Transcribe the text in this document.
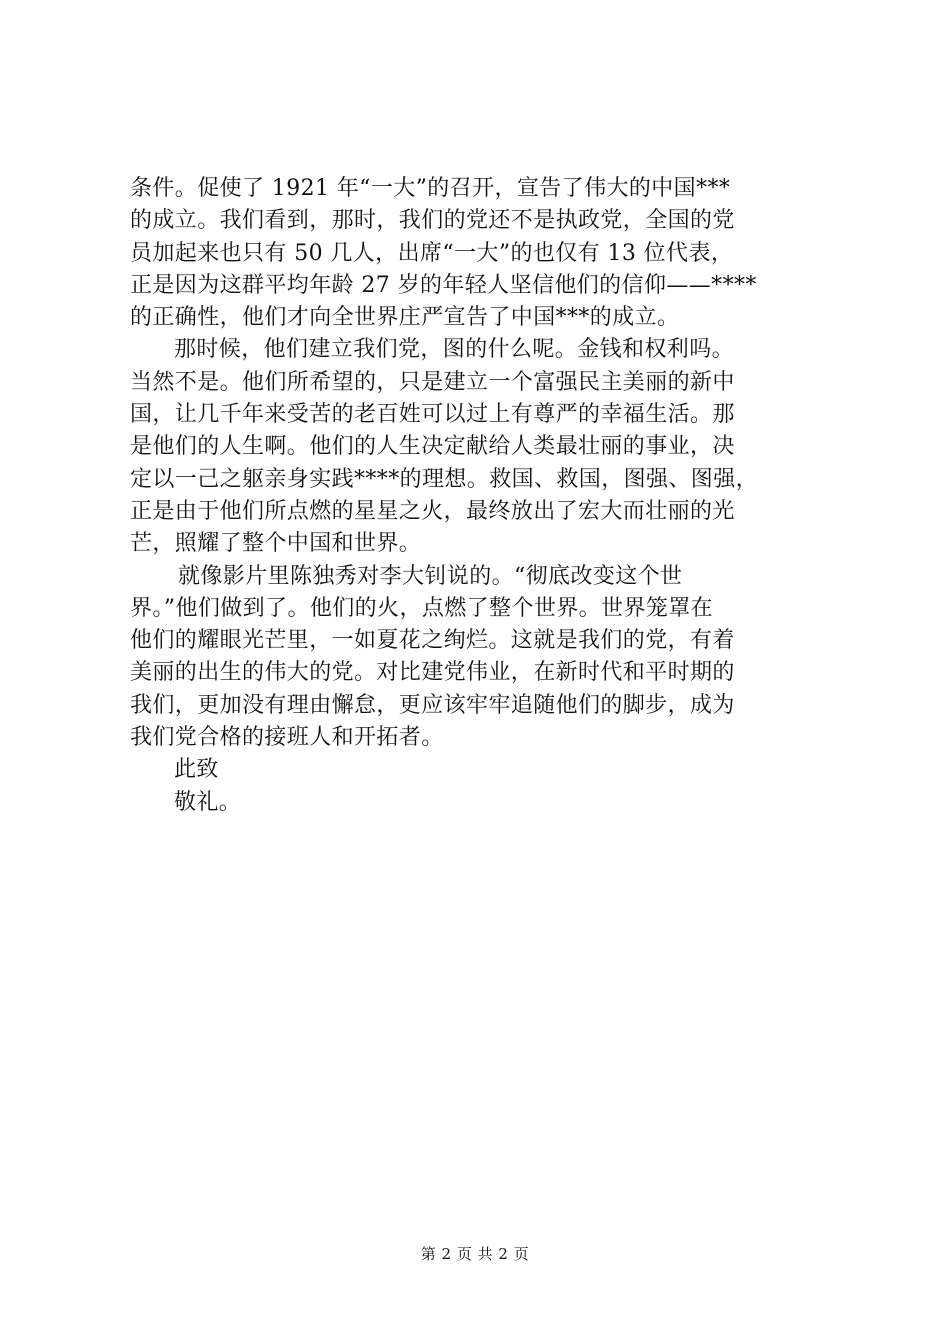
条件。促使了 1921 年“一大”的召开，宣告了伟大的中国***
的成立。我们看到，那时，我们的党还不是执政党，全国的党
员加起来也只有 50 几人，出席“一大”的也仅有 13 位代表，
正是因为这群平均年龄 27 岁的年轻人坚信他们的信仰——****
的正确性，他们才向全世界庄严宣告了中国***的成立。
那时候，他们建立我们党，图的什么呢。金钱和权利吗。
当然不是。他们所希望的，只是建立一个富强民主美丽的新中
国，让几千年来受苦的老百姓可以过上有尊严的幸福生活。那
是他们的人生啊。他们的人生决定献给人类最壮丽的事业，决
定以一己之躯亲身实践****的理想。救国、救国，图强、图强，
正是由于他们所点燃的星星之火，最终放出了宏大而壮丽的光
芒，照耀了整个中国和世界。
就像影片里陈独秀对李大钊说的。“彻底改变这个世
界。”他们做到了。他们的火，点燃了整个世界。世界笼罩在
他们的耀眼光芒里，一如夏花之绚烂。这就是我们的党，有着
美丽的出生的伟大的党。对比建党伟业，在新时代和平时期的
我们，更加没有理由懈怠，更应该牢牢追随他们的脚步，成为
我们党合格的接班人和开拓者。
此致
敬礼。
第 2 页 共 2 页
